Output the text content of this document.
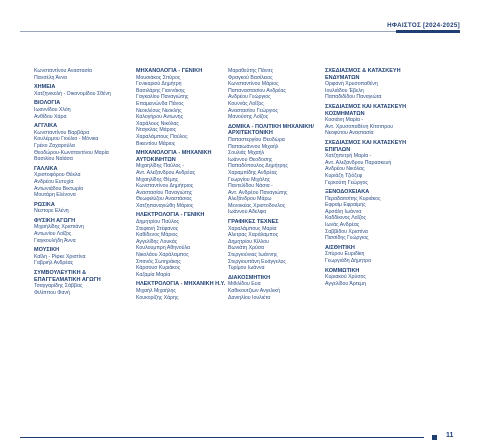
ΗΦΑΙΣΤΟΣ [2024-2025]
Κωνσταντίνου Αναστασία
Πανσέλη Άννα
ΧΗΜΕΙΑ
Χατζηνικολή - Οικονομίδου Σθένη
ΒΙΟΛΟΓΙΑ
Ιωαννίδου Χλόη
Ανθίδου Χάρα
ΑΓΓΛΙΚΑ
Κωνσταντίνου Βαρβάρα
Κουλέρμου Γιούλιο - Μόνικα
Γρέκο Ζαχαρούλα
Θεοδώρου-Κωνσταντίνου Μαρία
Βασιλίου Ναϊάσα
ΓΑΛΛΙΚΑ
Χριστοφόρου Θέκλα
Ανδρέου Ευτυχία
Αντωνιάδου Βικτωρία
Μουτάρη Ελένονα
ΡΩΣΙΚΑ
Νεστορε Ελένη
ΦΥΣΙΚΗ ΑΓΩΓΗ
Μιχαήλίδης Χριστιάνη
Αντωνίου Λοΐζος
Γιαγκουλήδη Άννα
ΜΟΥΣΙΚΗ
Καΐλη - Ρίφκε Χριστίνα
Γαβριήλ Ανδρέας
ΣΥΜΒΟΥΛΕΥΤΙΚΗ & ΕΠΑΓΓΕΛΜΑΤΙΚΗ ΑΓΩΓΗ
Τσαγγαρίδης Σάββας
Φιλίππου Φανή
ΜΗΧΑΝΟΛΟΓΙΑ - ΓΕΝΙΚΗ
Μουσιάκος Σπύρος
Γενικαριού Δημήτρη
Βασιλάρης Γιαννάκης
Γαγκαλίου Παναγιώτης
Επαμεινώνδα Πάνος
Νεοκλέους Νεοκλής
Καλογήρου Αντωνης
Χαράλους Νικόλας
Νταγκλας Μάριος
Χαραλάμπους Παύλος
Βικεντίου Μάριος
ΜΗΧΑΝΟΛΟΓΙΑ - ΜΗΧΑΝΙΚΗ ΑΥΤΟΚΙΝΗΤΩΝ
Μιχαηλίδης Παύλος -
Αντ. Αλεξανδρου Ανδρέας
Μιχαηλίδης Θέμης
Κωνσταντίνου Δημήτριος
Αναστασίου Παναγιώτης
Θεωφιλύζου Αναστάσιος
Χατζηπαναγιώθη Μάριος
ΗΛΕΚΤΡΟΛΟΓΙΑ - ΓΕΝΙΚΗ
Δημητρίου Παύλος
Στεφανή Στέφανος
Καθίδενος Μάριος
Αγγελίδης Λουκάς
Κουλουμπρη Αθηνούλα
Νικολάου Χαράλαμπος
Σπανός Σωτηράκης
Κάρσουσ Κυριάκος
Καζαμία Μαρία
ΗΛΕΚΤΡΟΛΟΓΙΑ - ΜΗΧΑΝΙΚΗ Η.Υ.
Μιχαήλ Μιχαήλης
Κουκορίζης Χάρης
Μαραθεύτης Πάνιτς
Φραγκού Βασίλειος
Κωνσταντίνου Μάριος
Παπαναστασίου Ανδρέας
Ανδρέου Γεώργιος
Κουννάς Λοΐζος
Αναστασίου Γεώργιος
Μανούσης Λοΐζος
ΔΟΜΙΚΑ - ΠΟΛΙΤΙΚΗ ΜΗΧΑΝΙΚΗ/ΑΡΧΙΤΕΚΤΟΝΙΚΗ
Παπαστεργίου Θεοδώρα
Παπαιωάννου Μιχαήλ
Σουλιάς Μιχαήλ
Ιωάννου Θεοδοσης
Παπαδόπουλος Δημήτρης
Χαραμπίδης Ανδρέας
Γεωργίου Μιχάλης
Παντελίδου Νάσια -
Αντ. Ανδρέου Παναγιώτης
Αλεξάνδρου Μάρω
Μενοικέας Χριστοδουλος
Ιωάννου Αδελφα
ΓΡΑΦΙΚΕΣ ΤΕΧΝΕΣ
Χαραλάμπους Μαρία
Αλετρας Χαράλαμπος
Δημητρίου Κίλλου
Βωνιάτη Χρύσα
Στεργιούνιας Ιωάννης
Στεργιουπάνη Ευάγγελος
Τυρίμου Ιωάννα
ΔΙΑΚΟΣΜΗΤΙΚΗ
Μιθιλίδου Ευα
Καθικουτζιων Ανγελική
Δανιηλίου Ιουλιέτα
ΣΧΕΔΙΑΣΜΟΣ & ΚΑΤΑΣΚΕΥΗ ΕΝΔΥΜΑΤΩΝ
Ορφανή Χρυσοπαθένη
Ιουλιάδου Έβελη
Παπαδιδίδου Παναγιώτα
ΣΧΕΔΙΑΣΜΟΣ ΚΑΙ ΚΑΤΑΣΚΕΥΗ ΚΟΣΜΗΜΑΤΩΝ
Κοσιάνη Μαρία -
Αντ. Χρυσοπαθένη Κίτσιπρου
Νεοφύτου Αναστασία
ΣΧΕΔΙΑΣΜΟΣ ΚΑΙ ΚΑΤΑΣΚΕΥΗ ΕΠΙΠΛΩΝ
Χατζηπετρή Μαρία -
Αντ. Αλεξανδρου Παρασκευή
Ανδρέου Νικόλας
Κυριάζη Τζιόζεφ
Γερκούτη Γεώργος
ΞΕΝΟΔΟΧΕΙΑΚΑ
Περαδαιτσίτης Κυριάκος
Εφραίμ Εφραίμης
Αρσάλη Ιωάννα
Καδδίκινος Λοΐζος
Ιωνάς Ανδρέας
Σαββίδου Χριστίνα
Πισσίδης Γεώργιος
ΑΙΣΘΗΤΙΚΗ
Σπύρου Ευριδίκη
Γεωργιάδη Δήμητρα
ΚΟΜΜΩΤΙΚΗ
Κυριακού Χρύσος
Αγγελίδου Άρτεμη
11
